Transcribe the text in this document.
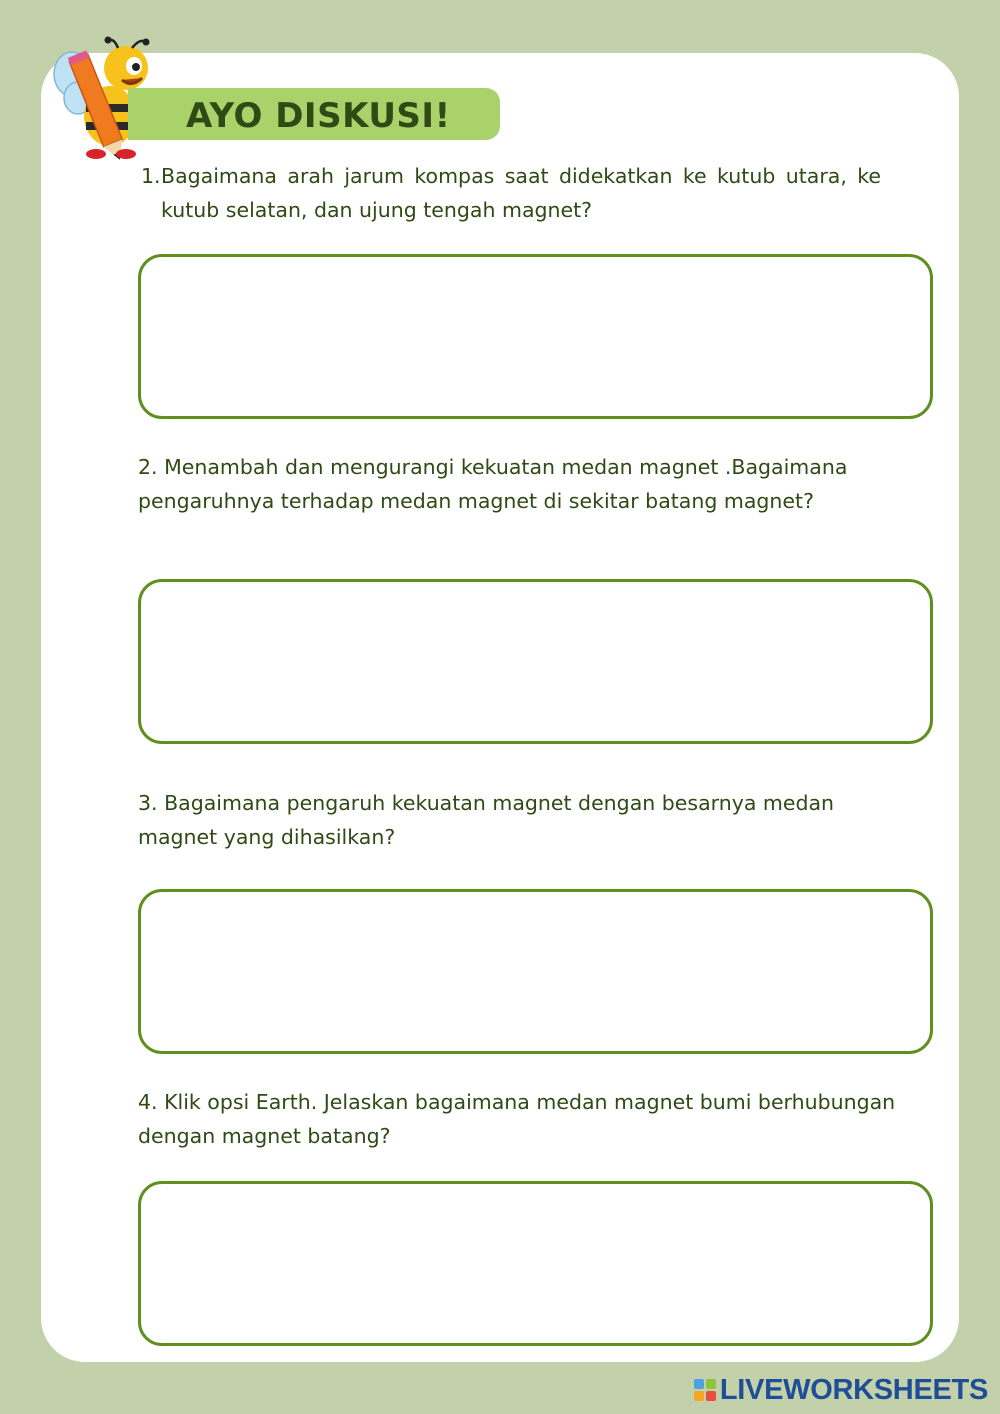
AYO DISKUSI!
1. Bagaimana arah jarum kompas saat didekatkan ke kutub utara, ke kutub selatan, dan ujung tengah magnet?
2. Menambah dan mengurangi kekuatan medan magnet .Bagaimana pengaruhnya terhadap medan magnet di sekitar batang magnet?
3. Bagaimana pengaruh kekuatan magnet dengan besarnya medan magnet yang dihasilkan?
4. Klik opsi Earth. Jelaskan bagaimana medan magnet bumi berhubungan dengan magnet batang?
LIVEWORKSHEETS
